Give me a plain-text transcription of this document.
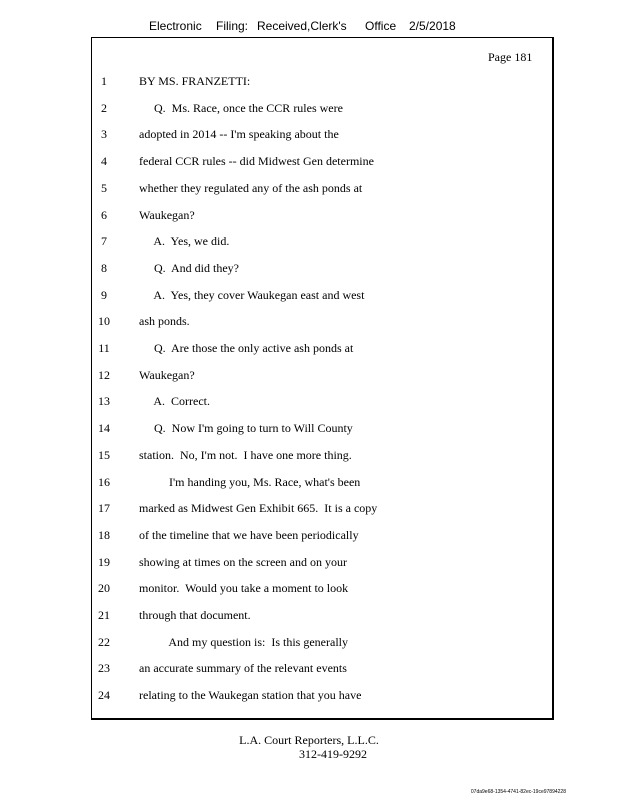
Electronic Filing: Received,Clerk's Office 2/5/2018
Page 181
1	BY MS. FRANZETTI:
2	Q.  Ms. Race, once the CCR rules were
3	adopted in 2014 -- I'm speaking about the
4	federal CCR rules -- did Midwest Gen determine
5	whether they regulated any of the ash ponds at
6	Waukegan?
7	A.  Yes, we did.
8	Q.  And did they?
9	A.  Yes, they cover Waukegan east and west
10	ash ponds.
11	Q.  Are those the only active ash ponds at
12	Waukegan?
13	A.  Correct.
14	Q.  Now I'm going to turn to Will County
15	station.  No, I'm not.  I have one more thing.
16	I'm handing you, Ms. Race, what's been
17	marked as Midwest Gen Exhibit 665.  It is a copy
18	of the timeline that we have been periodically
19	showing at times on the screen and on your
20	monitor.  Would you take a moment to look
21	through that document.
22	And my question is:  Is this generally
23	an accurate summary of the relevant events
24	relating to the Waukegan station that you have
L.A. Court Reporters, L.L.C.
312-419-9292
07da9e68-1354-4741-82ec-19ce97894228
